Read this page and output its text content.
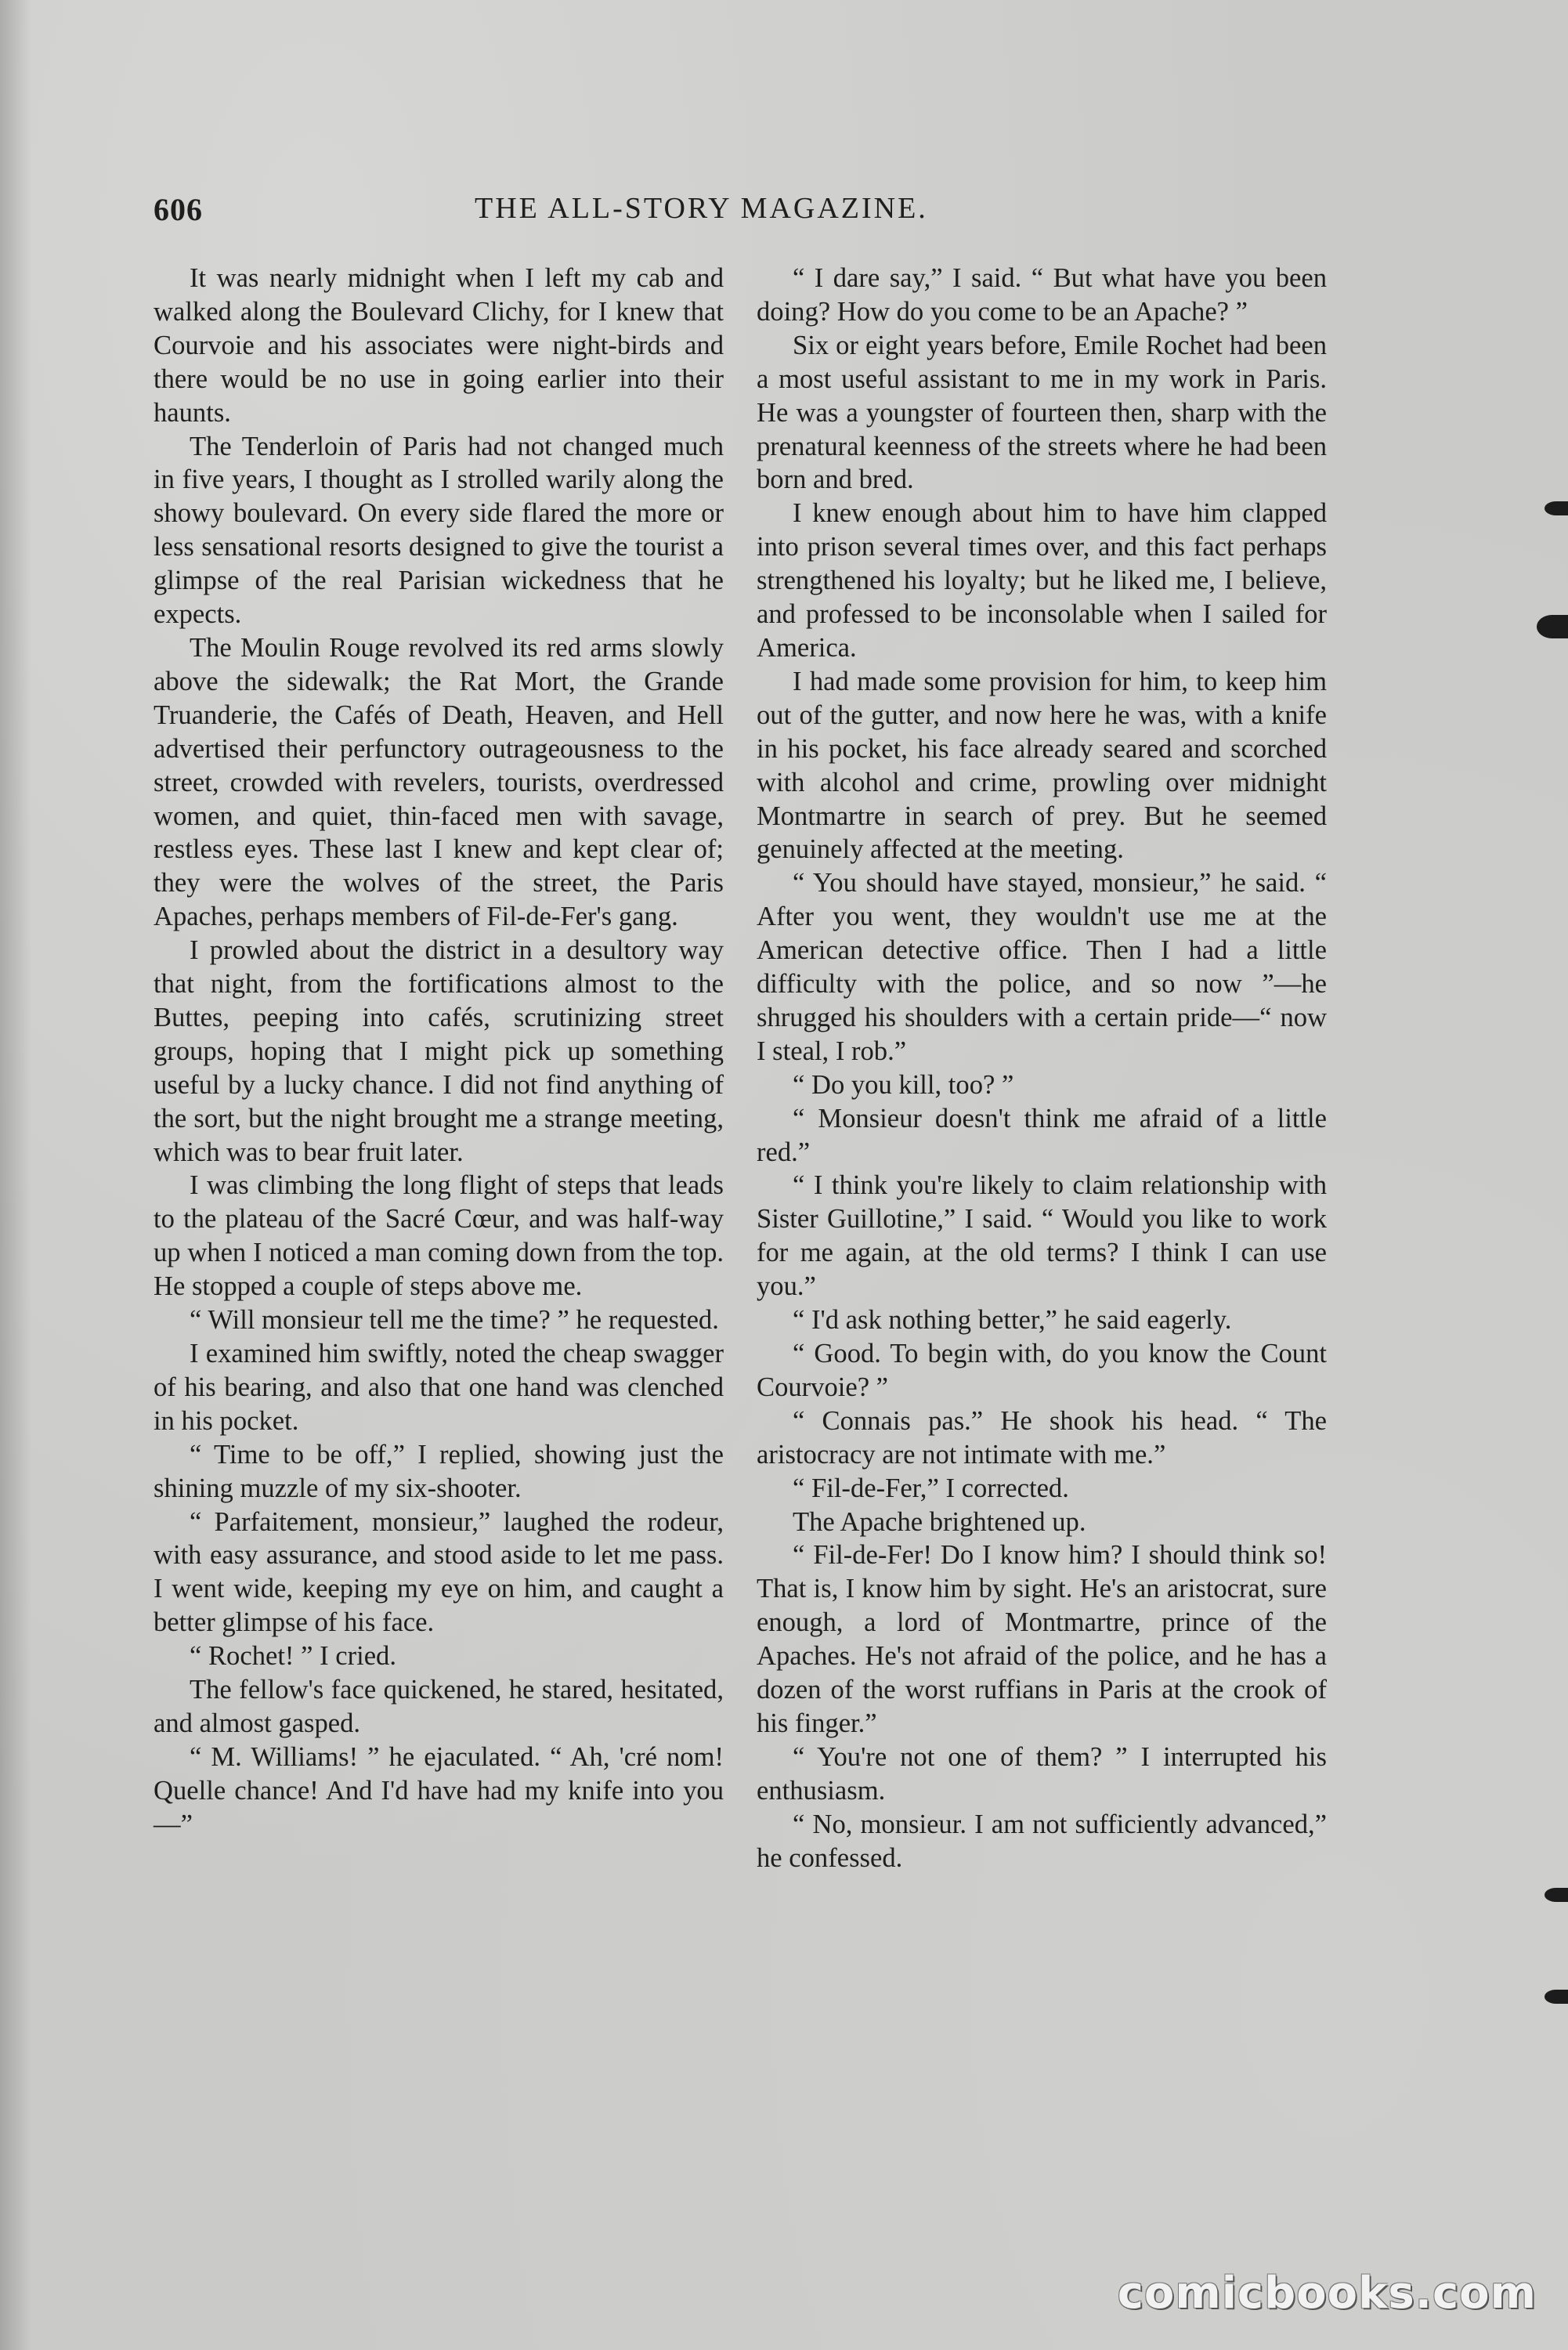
606	THE ALL-STORY MAGAZINE.

It was nearly midnight when I left my cab and walked along the Boulevard Clichy, for I knew that Courvoie and his associates were night-birds and there would be no use in going earlier into their haunts.

The Tenderloin of Paris had not changed much in five years, I thought as I strolled warily along the showy boulevard. On every side flared the more or less sensational resorts designed to give the tourist a glimpse of the real Parisian wickedness that he expects.

The Moulin Rouge revolved its red arms slowly above the sidewalk; the Rat Mort, the Grande Truanderie, the Cafés of Death, Heaven, and Hell advertised their perfunctory outrageousness to the street, crowded with revelers, tourists, overdressed women, and quiet, thin-faced men with savage, restless eyes. These last I knew and kept clear of; they were the wolves of the street, the Paris Apaches, perhaps members of Fil-de-Fer's gang.

I prowled about the district in a desultory way that night, from the fortifications almost to the Buttes, peeping into cafés, scrutinizing street groups, hoping that I might pick up something useful by a lucky chance. I did not find anything of the sort, but the night brought me a strange meeting, which was to bear fruit later.

I was climbing the long flight of steps that leads to the plateau of the Sacré Cœur, and was half-way up when I noticed a man coming down from the top. He stopped a couple of steps above me.

“ Will monsieur tell me the time? ” he requested.

I examined him swiftly, noted the cheap swagger of his bearing, and also that one hand was clenched in his pocket.

“ Time to be off,” I replied, showing just the shining muzzle of my six-shooter.

“ Parfaitement, monsieur,” laughed the rodeur, with easy assurance, and stood aside to let me pass. I went wide, keeping my eye on him, and caught a better glimpse of his face.

“ Rochet! ” I cried.

The fellow's face quickened, he stared, hesitated, and almost gasped.

“ M. Williams! ” he ejaculated. “ Ah, 'cré nom! Quelle chance! And I'd have had my knife into you—”

“ I dare say,” I said. “ But what have you been doing? How do you come to be an Apache? ”

Six or eight years before, Emile Rochet had been a most useful assistant to me in my work in Paris. He was a youngster of fourteen then, sharp with the prenatural keenness of the streets where he had been born and bred.

I knew enough about him to have him clapped into prison several times over, and this fact perhaps strengthened his loyalty; but he liked me, I believe, and professed to be inconsolable when I sailed for America.

I had made some provision for him, to keep him out of the gutter, and now here he was, with a knife in his pocket, his face already seared and scorched with alcohol and crime, prowling over midnight Montmartre in search of prey. But he seemed genuinely affected at the meeting.

“ You should have stayed, monsieur,” he said. “ After you went, they wouldn't use me at the American detective office. Then I had a little difficulty with the police, and so now ”—he shrugged his shoulders with a certain pride—“ now I steal, I rob.”

“ Do you kill, too? ”

“ Monsieur doesn't think me afraid of a little red.”

“ I think you're likely to claim relationship with Sister Guillotine,” I said. “ Would you like to work for me again, at the old terms? I think I can use you.”

“ I'd ask nothing better,” he said eagerly.

“ Good. To begin with, do you know the Count Courvoie? ”

“ Connais pas.” He shook his head. “ The aristocracy are not intimate with me.”

“ Fil-de-Fer,” I corrected.

The Apache brightened up.

“ Fil-de-Fer! Do I know him? I should think so! That is, I know him by sight. He's an aristocrat, sure enough, a lord of Montmartre, prince of the Apaches. He's not afraid of the police, and he has a dozen of the worst ruffians in Paris at the crook of his finger.”

“ You're not one of them? ” I interrupted his enthusiasm.

“ No, monsieur. I am not sufficiently advanced,” he confessed.

comicbooks.com
